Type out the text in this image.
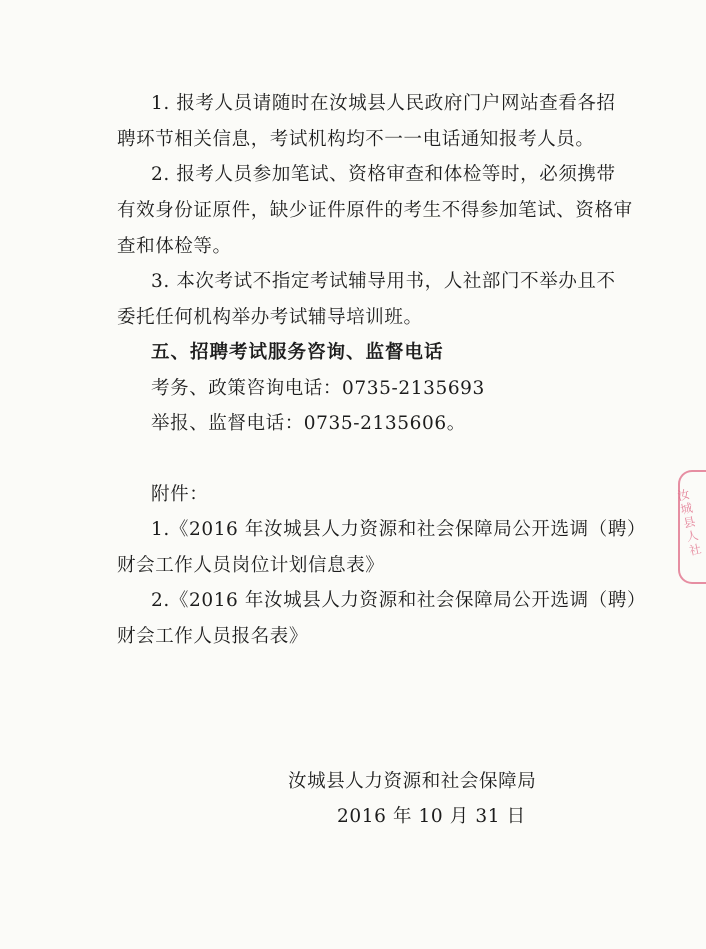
1. 报考人员请随时在汝城县人民政府门户网站查看各招
聘环节相关信息，考试机构均不一一电话通知报考人员。
2. 报考人员参加笔试、资格审查和体检等时，必须携带
有效身份证原件，缺少证件原件的考生不得参加笔试、资格审
查和体检等。
3. 本次考试不指定考试辅导用书，人社部门不举办且不
委托任何机构举办考试辅导培训班。
五、招聘考试服务咨询、监督电话
考务、政策咨询电话：0735-2135693
举报、监督电话：0735-2135606。
附件：
1.《2016 年汝城县人力资源和社会保障局公开选调（聘）
财会工作人员岗位计划信息表》
2.《2016 年汝城县人力资源和社会保障局公开选调（聘）
财会工作人员报名表》
汝城县人力资源和社会保障局
2016 年 10 月 31 日
汝城县人社
